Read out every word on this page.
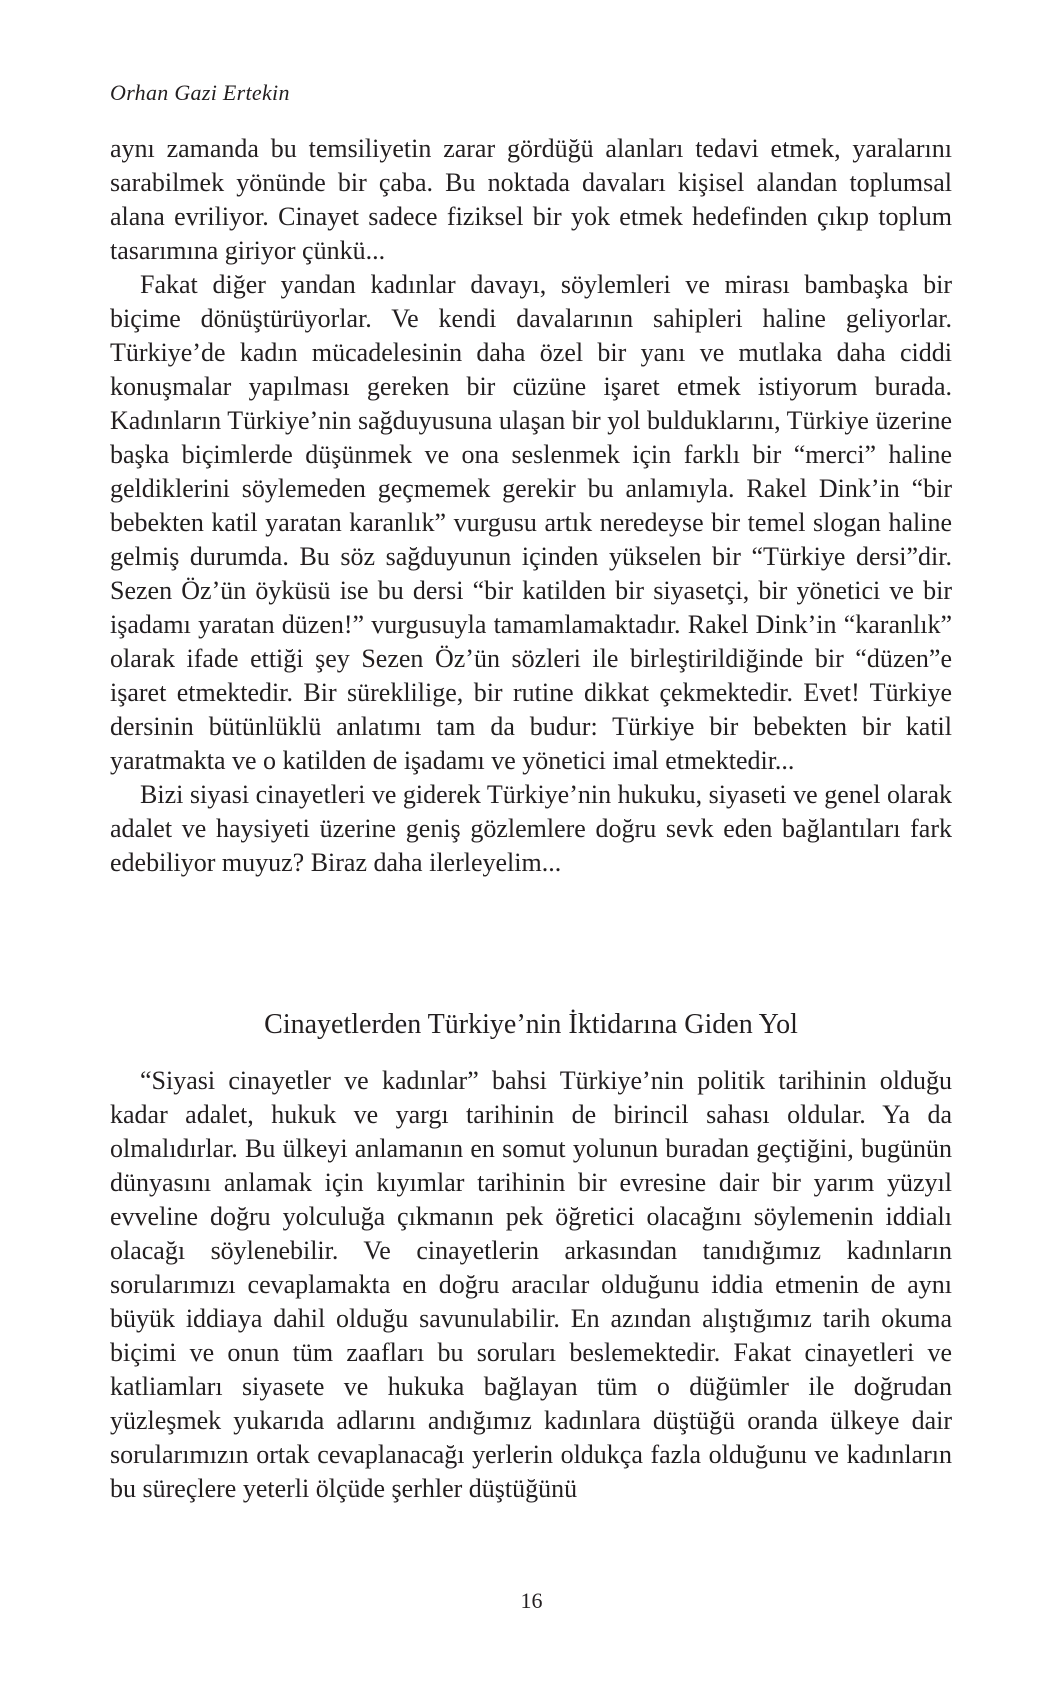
Orhan Gazi Ertekin

aynı zamanda bu temsiliyetin zarar gördüğü alanları tedavi etmek, yaralarını sarabilmek yönünde bir çaba. Bu noktada davaları kişisel alandan toplumsal alana evriliyor. Cinayet sadece fiziksel bir yok etmek hedefinden çıkıp toplum tasarımına giriyor çünkü...

Fakat diğer yandan kadınlar davayı, söylemleri ve mirası bambaşka bir biçime dönüştürüyorlar. Ve kendi davalarının sahipleri haline geliyorlar. Türkiye’de kadın mücadelesinin daha özel bir yanı ve mutlaka daha ciddi konuşmalar yapılması gereken bir cüzüne işaret etmek istiyorum burada. Kadınların Türkiye’nin sağduyusuna ulaşan bir yol bulduklarını, Türkiye üzerine başka biçimlerde düşünmek ve ona seslenmek için farklı bir “merci” haline geldiklerini söylemeden geçmemek gerekir bu anlamıyla. Rakel Dink’in “bir bebekten katil yaratan karanlık” vurgusu artık neredeyse bir temel slogan haline gelmiş durumda. Bu söz sağduyunun içinden yükselen bir “Türkiye dersi”dir. Sezen Öz’ün öyküsü ise bu dersi “bir katilden bir siyasetçi, bir yönetici ve bir işadamı yaratan düzen!” vurgusuyla tamamlamaktadır. Rakel Dink’in “karanlık” olarak ifade ettiği şey Sezen Öz’ün sözleri ile birleştirildiğinde bir “düzen”e işaret etmektedir. Bir süreklilige, bir rutine dikkat çekmektedir. Evet! Türkiye dersinin bütünlüklü anlatımı tam da budur: Türkiye bir bebekten bir katil yaratmakta ve o katilden de işadamı ve yönetici imal etmektedir...

Bizi siyasi cinayetleri ve giderek Türkiye’nin hukuku, siyaseti ve genel olarak adalet ve haysiyeti üzerine geniş gözlemlere doğru sevk eden bağlantıları fark edebiliyor muyuz? Biraz daha ilerleyelim...

Cinayetlerden Türkiye’nin İktidarına Giden Yol

“Siyasi cinayetler ve kadınlar” bahsi Türkiye’nin politik tarihinin olduğu kadar adalet, hukuk ve yargı tarihinin de birincil sahası oldular. Ya da olmalıdırlar. Bu ülkeyi anlamanın en somut yolunun buradan geçtiğini, bugünün dünyasını anlamak için kıyımlar tarihinin bir evresine dair bir yarım yüzyıl evveline doğru yolculuğa çıkmanın pek öğretici olacağını söylemenin iddialı olacağı söylenebilir. Ve cinayetlerin arkasından tanıdığımız kadınların sorularımızı cevaplamakta en doğru aracılar olduğunu iddia etmenin de aynı büyük iddiaya dahil olduğu savunulabilir. En azından alıştığımız tarih okuma biçimi ve onun tüm zaafları bu soruları beslemektedir. Fakat cinayetleri ve katliamları siyasete ve hukuka bağlayan tüm o düğümler ile doğrudan yüzleşmek yukarıda adlarını andığımız kadınlara düştüğü oranda ülkeye dair sorularımızın ortak cevaplanacağı yerlerin oldukça fazla olduğunu ve kadınların bu süreçlere yeterli ölçüde şerhler düştüğünü

16
